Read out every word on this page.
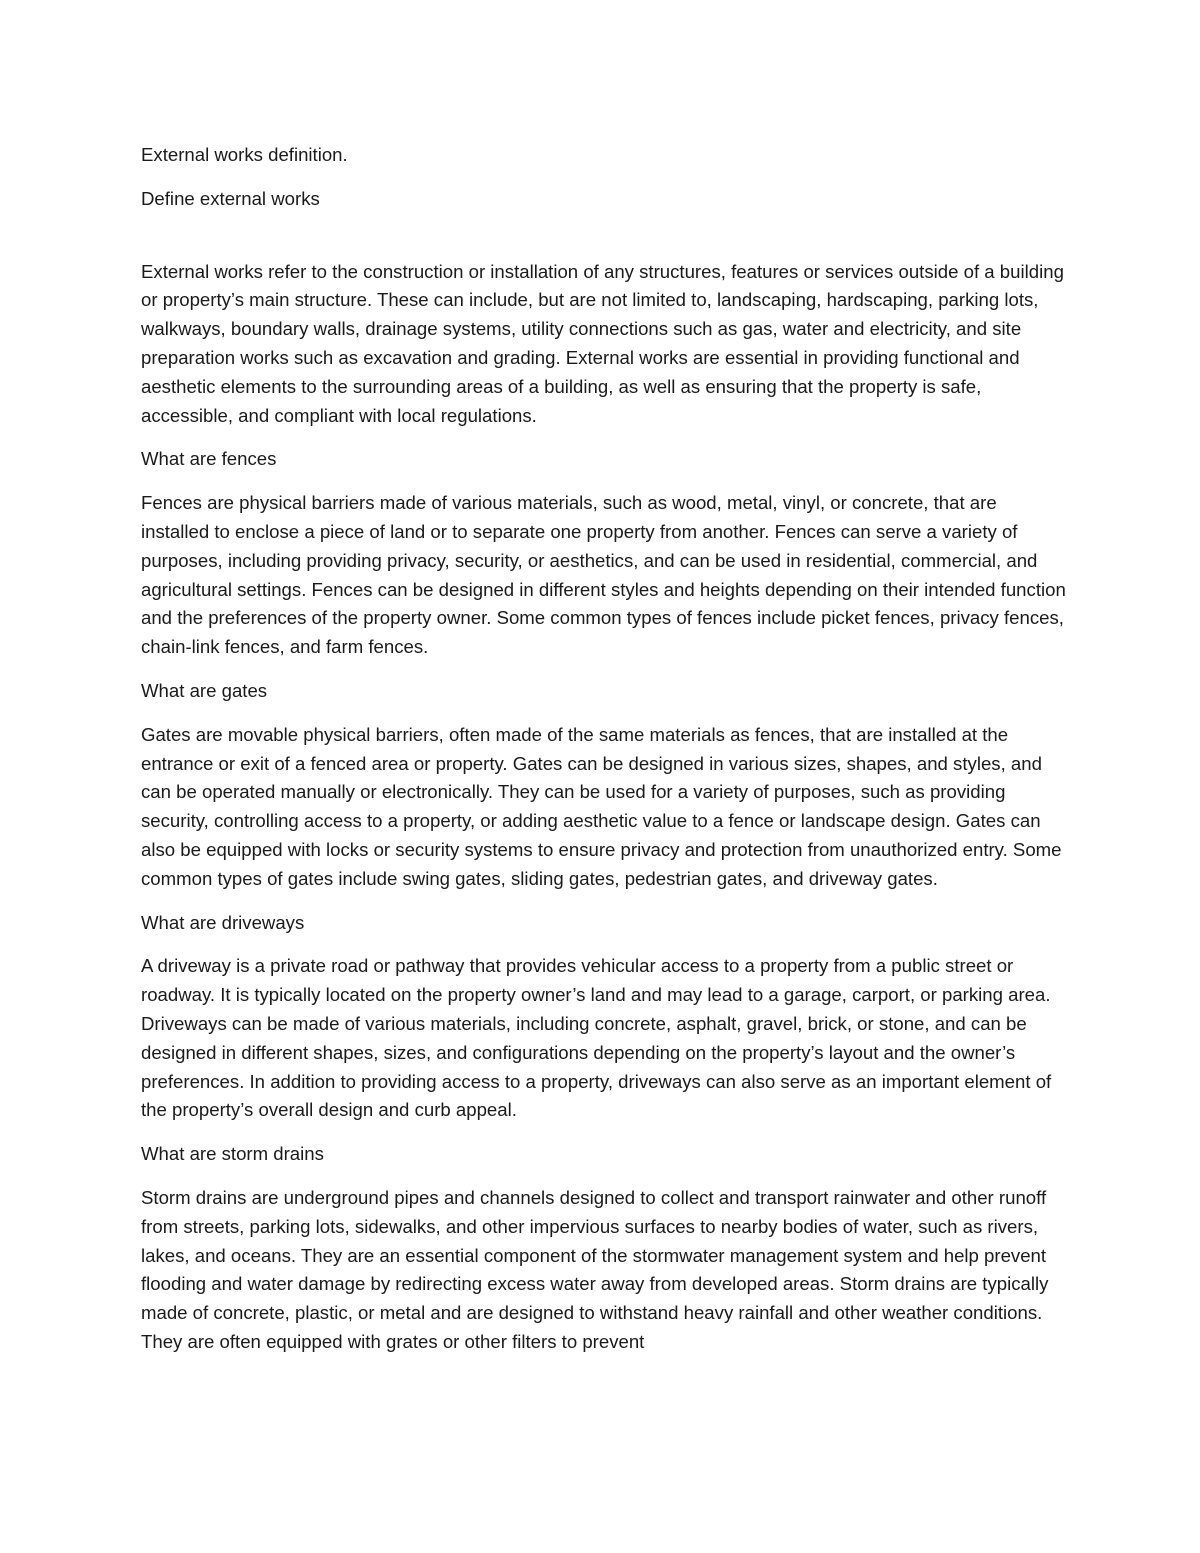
External works definition.

Define external works

External works refer to the construction or installation of any structures, features or services outside of a building or property’s main structure. These can include, but are not limited to, landscaping, hardscaping, parking lots, walkways, boundary walls, drainage systems, utility connections such as gas, water and electricity, and site preparation works such as excavation and grading. External works are essential in providing functional and aesthetic elements to the surrounding areas of a building, as well as ensuring that the property is safe, accessible, and compliant with local regulations.

What are fences

Fences are physical barriers made of various materials, such as wood, metal, vinyl, or concrete, that are installed to enclose a piece of land or to separate one property from another. Fences can serve a variety of purposes, including providing privacy, security, or aesthetics, and can be used in residential, commercial, and agricultural settings. Fences can be designed in different styles and heights depending on their intended function and the preferences of the property owner. Some common types of fences include picket fences, privacy fences, chain-link fences, and farm fences.

What are gates

Gates are movable physical barriers, often made of the same materials as fences, that are installed at the entrance or exit of a fenced area or property. Gates can be designed in various sizes, shapes, and styles, and can be operated manually or electronically. They can be used for a variety of purposes, such as providing security, controlling access to a property, or adding aesthetic value to a fence or landscape design. Gates can also be equipped with locks or security systems to ensure privacy and protection from unauthorized entry. Some common types of gates include swing gates, sliding gates, pedestrian gates, and driveway gates.

What are driveways

A driveway is a private road or pathway that provides vehicular access to a property from a public street or roadway. It is typically located on the property owner’s land and may lead to a garage, carport, or parking area. Driveways can be made of various materials, including concrete, asphalt, gravel, brick, or stone, and can be designed in different shapes, sizes, and configurations depending on the property’s layout and the owner’s preferences. In addition to providing access to a property, driveways can also serve as an important element of the property’s overall design and curb appeal.

What are storm drains

Storm drains are underground pipes and channels designed to collect and transport rainwater and other runoff from streets, parking lots, sidewalks, and other impervious surfaces to nearby bodies of water, such as rivers, lakes, and oceans. They are an essential component of the stormwater management system and help prevent flooding and water damage by redirecting excess water away from developed areas. Storm drains are typically made of concrete, plastic, or metal and are designed to withstand heavy rainfall and other weather conditions. They are often equipped with grates or other filters to prevent
